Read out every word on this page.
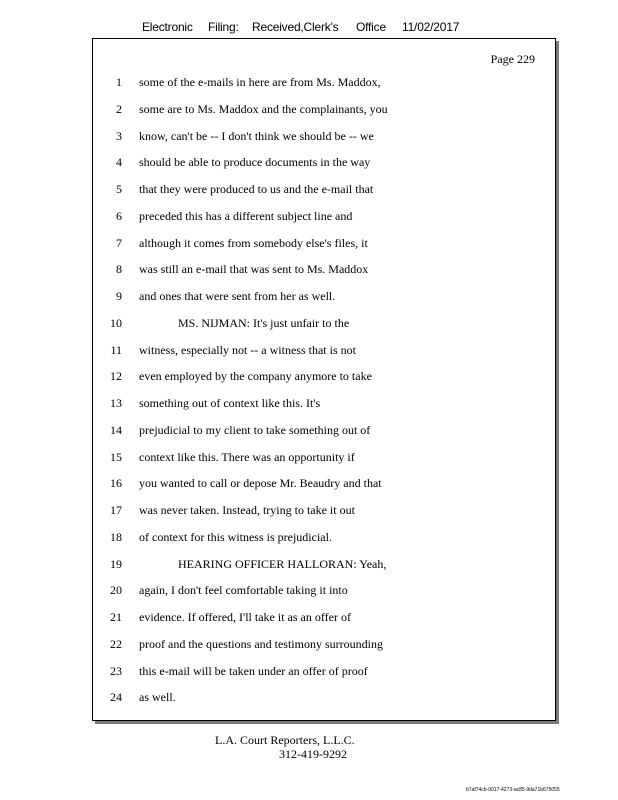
Electronic Filing: Received,Clerk's Office 11/02/2017
Page 229
1 some of the e-mails in here are from Ms. Maddox,
2 some are to Ms. Maddox and the complainants, you
3 know, can't be -- I don't think we should be -- we
4 should be able to produce documents in the way
5 that they were produced to us and the e-mail that
6 preceded this has a different subject line and
7 although it comes from somebody else's files, it
8 was still an e-mail that was sent to Ms. Maddox
9 and ones that were sent from her as well.
10	MS. NIJMAN: It's just unfair to the
11 witness, especially not -- a witness that is not
12 even employed by the company anymore to take
13 something out of context like this. It's
14 prejudicial to my client to take something out of
15 context like this. There was an opportunity if
16 you wanted to call or depose Mr. Beaudry and that
17 was never taken. Instead, trying to take it out
18 of context for this witness is prejudicial.
19	HEARING OFFICER HALLORAN: Yeah,
20 again, I don't feel comfortable taking it into
21 evidence. If offered, I'll take it as an offer of
22 proof and the questions and testimony surrounding
23 this e-mail will be taken under an offer of proof
24 as well.
L.A. Court Reporters, L.L.C.
312-419-9292
b7af74cb-0017-4273-ac85-9da71b675055
